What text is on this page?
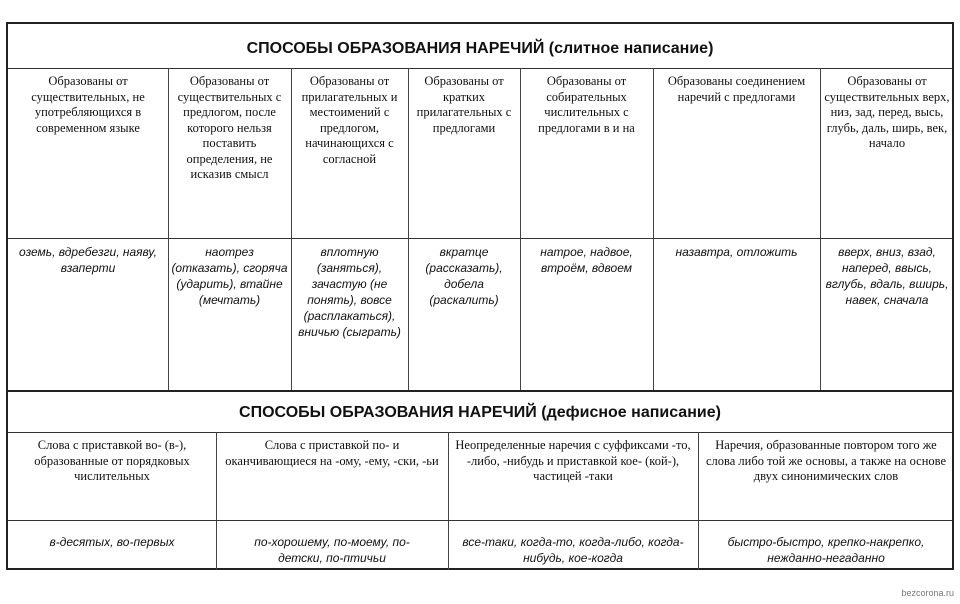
СПОСОБЫ ОБРАЗОВАНИЯ НАРЕЧИЙ (слитное написание)
Образованы от существительных, не употребляющихся в современном языке
Образованы от существительных с предлогом, после которого нельзя поставить определения, не исказив смысл
Образованы от прилагательных и местоимений с предлогом, начинающихся с согласной
Образованы от кратких прилагательных с предлогами
Образованы от собирательных числительных с предлогами в и на
Образованы соединением наречий с предлогами
Образованы от существительных верх, низ, зад, перед, высь, глубь, даль, ширь, век, начало
оземь, вдребезги, наяву, взаперти
наотрез (отказать), сгоряча (ударить), втайне (мечтать)
вплотную (заняться), зачастую (не понять), вовсе (расплакаться), вничью (сыграть)
вкратце (рассказать), добела (раскалить)
натрое, надвое, втроём, вдвоем
назавтра, отложить	вверх, вниз, взад, наперед, ввысь, вглубь, вдаль, вширь, навек, сначала
СПОСОБЫ ОБРАЗОВАНИЯ НАРЕЧИЙ (дефисное написание)
Слова с приставкой во- (в-), образованные от порядковых числительных
Слова с приставкой по- и оканчивающиеся на -ому, -ему, -ски, -ьи
Неопределенные наречия с суффиксами -то, -либо, -нибудь и приставкой кое- (кой-), частицей -таки
Наречия, образованные повтором того же слова либо той же основы, а также на основе двух синонимических слов
в-десятых, во-первых	по-хорошему, по-моему, по-детски, по-птичьи
все-таки, когда-то, когда-либо, когда-нибудь, кое-когда
быстро-быстро, крепко-накрепко, нежданно-негаданно
bezcorona.ru
